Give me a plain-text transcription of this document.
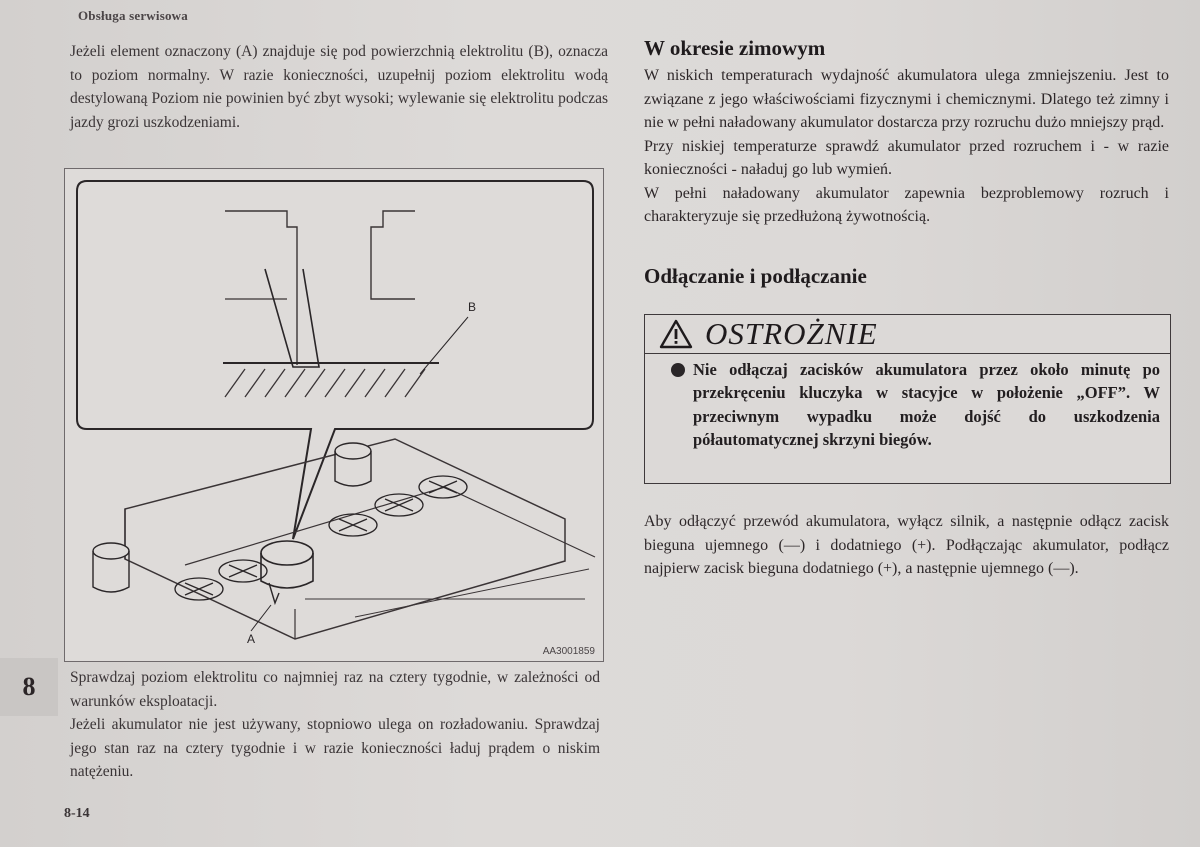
Obsługa serwisowa

Jeżeli element oznaczony (A) znajduje się pod powierzchnią elektrolitu (B), oznacza to poziom normalny. W razie konieczności, uzupełnij poziom elektrolitu wodą destylowaną Poziom nie powinien być zbyt wysoki; wylewanie się elektrolitu podczas jazdy grozi uszkodzeniami.

B
A
AA3001859

Sprawdzaj poziom elektrolitu co najmniej raz na cztery tygodnie, w zależności od warunków eksploatacji.

Jeżeli akumulator nie jest używany, stopniowo ulega on rozładowaniu. Sprawdzaj jego stan raz na cztery tygodnie i w razie konieczności ładuj prądem o niskim natężeniu.

8
8-14
W okresie zimowym

W niskich temperaturach wydajność akumulatora ulega zmniejszeniu. Jest to związane z jego właściwościami fizycznymi i chemicznymi. Dlatego też zimny i nie w pełni naładowany akumulator dostarcza przy rozruchu dużo mniejszy prąd.

Przy niskiej temperaturze sprawdź akumulator przed rozruchem i - w razie konieczności - naładuj go lub wymień.

W pełni naładowany akumulator zapewnia bezproblemowy rozruch i charakteryzuje się przedłużoną żywotnością.

Odłączanie i podłączanie
OSTROŻNIE
Nie odłączaj zacisków akumulatora przez około minutę po przekręceniu kluczyka w stacyjce w położenie „OFF”. W przeciwnym wypadku może dojść do uszkodzenia półautomatycznej skrzyni biegów.

Aby odłączyć przewód akumulatora, wyłącz silnik, a następnie odłącz zacisk bieguna ujemnego (—) i dodatniego (+). Podłączając akumulator, podłącz najpierw zacisk bieguna dodatniego (+), a następnie ujemnego (—).
